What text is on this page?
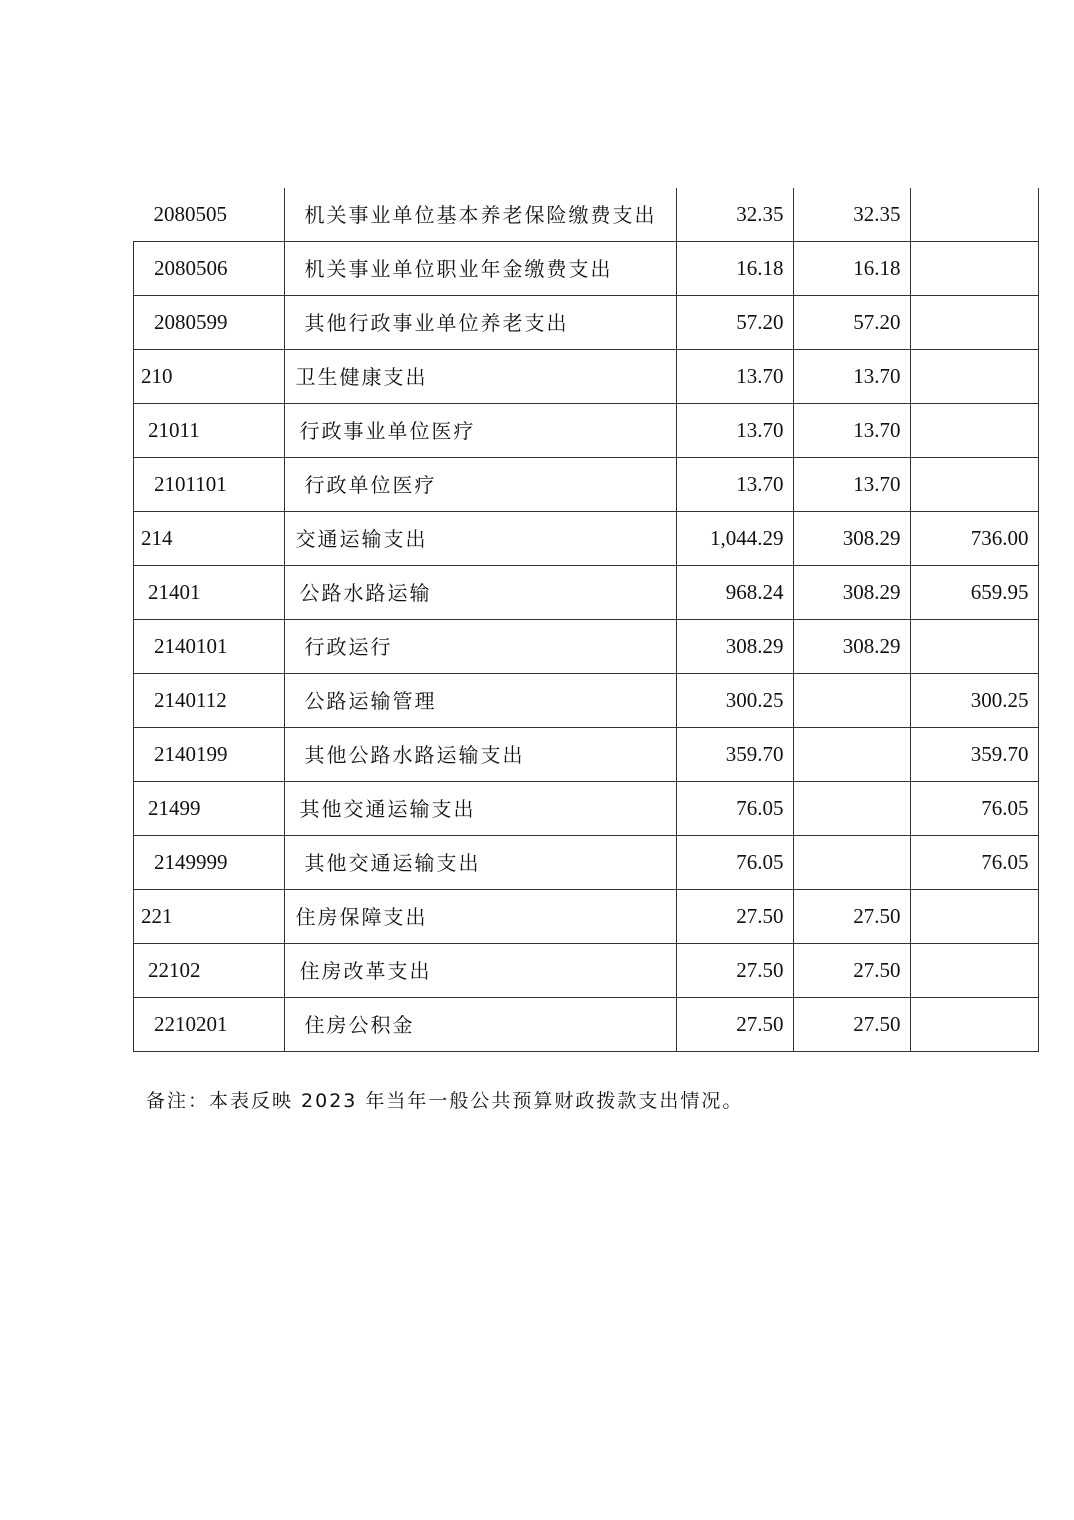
2080505	机关事业单位基本养老保险缴费支出	32.35	32.35	
2080506	机关事业单位职业年金缴费支出	16.18	16.18	
2080599	其他行政事业单位养老支出	57.20	57.20	
210	卫生健康支出	13.70	13.70	
21011	行政事业单位医疗	13.70	13.70	
2101101	行政单位医疗	13.70	13.70	
214	交通运输支出	1,044.29	308.29	736.00
21401	公路水路运输	968.24	308.29	659.95
2140101	行政运行	308.29	308.29	
2140112	公路运输管理	300.25		300.25
2140199	其他公路水路运输支出	359.70		359.70
21499	其他交通运输支出	76.05		76.05
2149999	其他交通运输支出	76.05		76.05
221	住房保障支出	27.50	27.50	
22102	住房改革支出	27.50	27.50	
2210201	住房公积金	27.50	27.50	
备注：本表反映 2023 年当年一般公共预算财政拨款支出情况。
